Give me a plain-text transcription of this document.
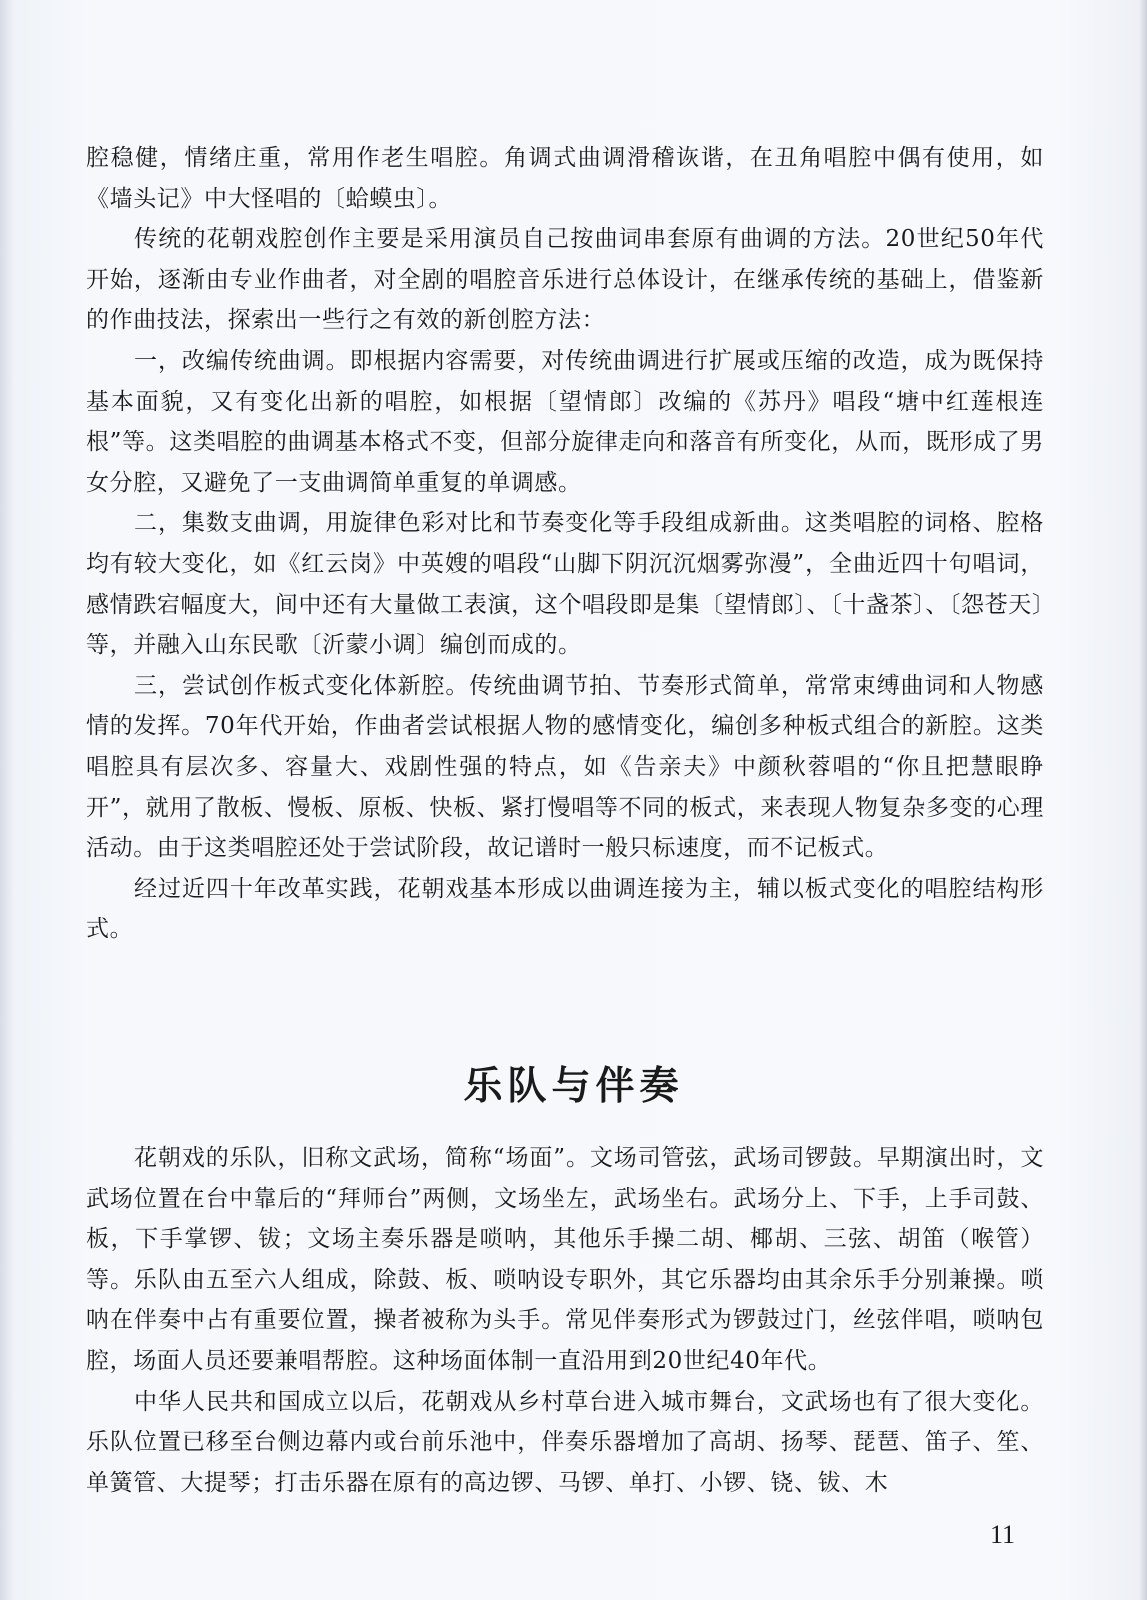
腔稳健，情绪庄重，常用作老生唱腔。角调式曲调滑稽诙谐，在丑角唱腔中偶有使用，如《墙头记》中大怪唱的〔蛤蟆虫〕。

传统的花朝戏腔创作主要是采用演员自己按曲词串套原有曲调的方法。20世纪50年代开始，逐渐由专业作曲者，对全剧的唱腔音乐进行总体设计，在继承传统的基础上，借鉴新的作曲技法，探索出一些行之有效的新创腔方法：

一，改编传统曲调。即根据内容需要，对传统曲调进行扩展或压缩的改造，成为既保持基本面貌，又有变化出新的唱腔，如根据〔望情郎〕改编的《苏丹》唱段“塘中红莲根连根”等。这类唱腔的曲调基本格式不变，但部分旋律走向和落音有所变化，从而，既形成了男女分腔，又避免了一支曲调简单重复的单调感。

二，集数支曲调，用旋律色彩对比和节奏变化等手段组成新曲。这类唱腔的词格、腔格均有较大变化，如《红云岗》中英嫂的唱段“山脚下阴沉沉烟雾弥漫”，全曲近四十句唱词，感情跌宕幅度大，间中还有大量做工表演，这个唱段即是集〔望情郎〕、〔十盏茶〕、〔怨苍天〕等，并融入山东民歌〔沂蒙小调〕编创而成的。

三，尝试创作板式变化体新腔。传统曲调节拍、节奏形式简单，常常束缚曲词和人物感情的发挥。70年代开始，作曲者尝试根据人物的感情变化，编创多种板式组合的新腔。这类唱腔具有层次多、容量大、戏剧性强的特点，如《告亲夫》中颜秋蓉唱的“你且把慧眼睁开”，就用了散板、慢板、原板、快板、紧打慢唱等不同的板式，来表现人物复杂多变的心理活动。由于这类唱腔还处于尝试阶段，故记谱时一般只标速度，而不记板式。

经过近四十年改革实践，花朝戏基本形成以曲调连接为主，辅以板式变化的唱腔结构形式。

乐队与伴奏

花朝戏的乐队，旧称文武场，简称“场面”。文场司管弦，武场司锣鼓。早期演出时，文武场位置在台中靠后的“拜师台”两侧，文场坐左，武场坐右。武场分上、下手，上手司鼓、板，下手掌锣、钹；文场主奏乐器是唢呐，其他乐手操二胡、椰胡、三弦、胡笛（喉管）等。乐队由五至六人组成，除鼓、板、唢呐设专职外，其它乐器均由其余乐手分别兼操。唢呐在伴奏中占有重要位置，操者被称为头手。常见伴奏形式为锣鼓过门，丝弦伴唱，唢呐包腔，场面人员还要兼唱帮腔。这种场面体制一直沿用到20世纪40年代。

中华人民共和国成立以后，花朝戏从乡村草台进入城市舞台，文武场也有了很大变化。乐队位置已移至台侧边幕内或台前乐池中，伴奏乐器增加了高胡、扬琴、琵琶、笛子、笙、单簧管、大提琴；打击乐器在原有的高边锣、马锣、单打、小锣、铙、钹、木

11
